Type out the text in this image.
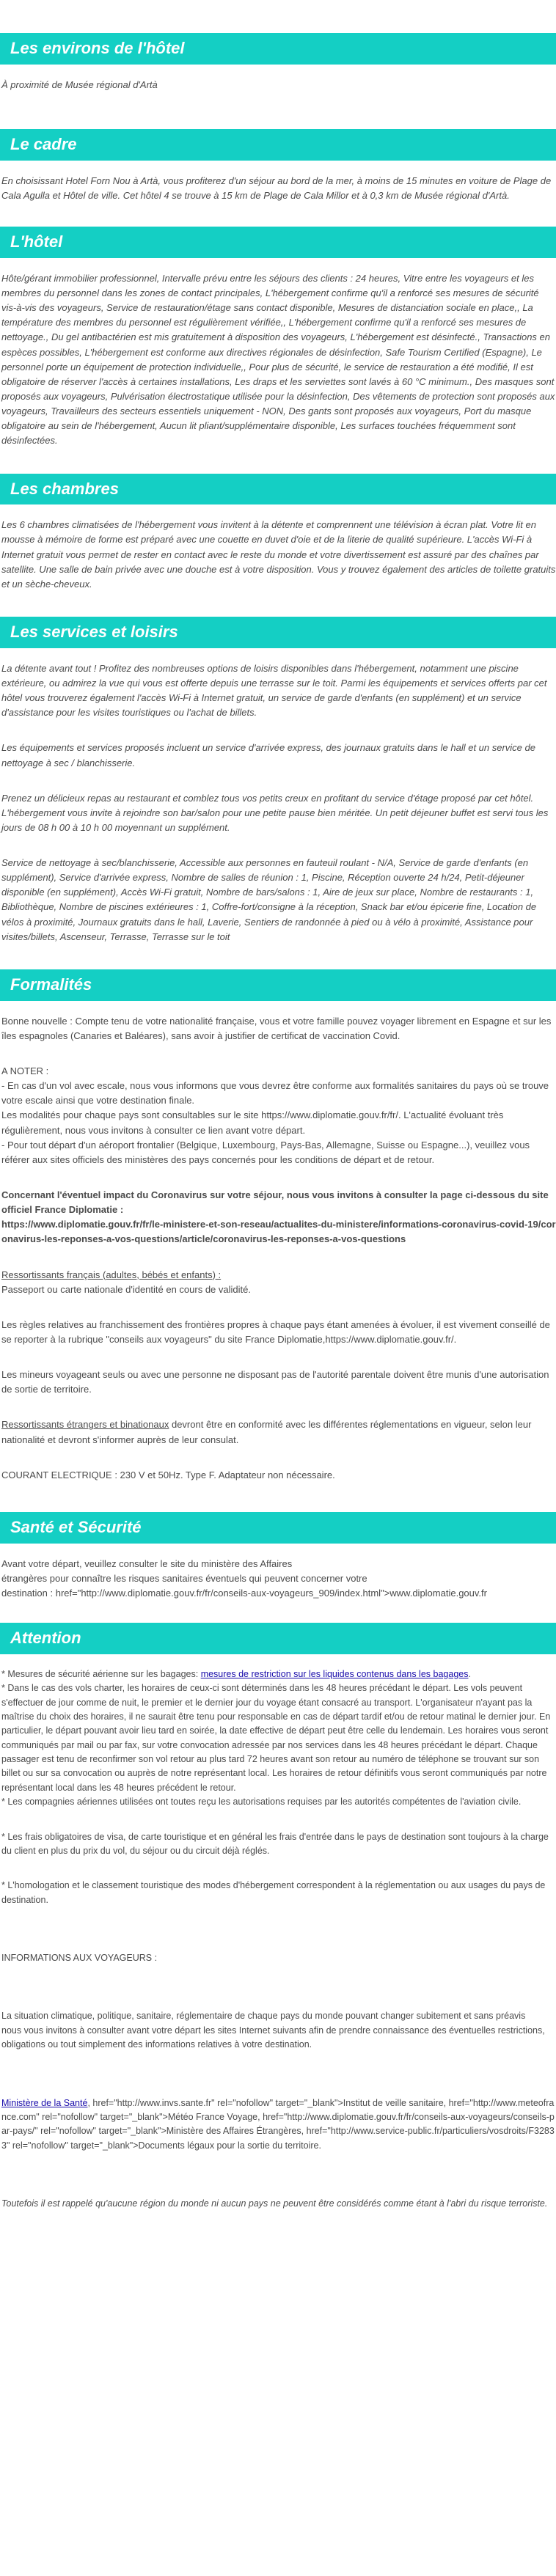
Les environs de l'hôtel

À proximité de Musée régional d'Artà

Le cadre

En choisissant Hotel Forn Nou à Artà, vous profiterez d'un séjour au bord de la mer, à moins de 15 minutes en voiture de Plage de Cala Agulla et Hôtel de ville. Cet hôtel 4 se trouve à 15 km de Plage de Cala Millor et à 0,3 km de Musée régional d'Artà.

L'hôtel

Hôte/gérant immobilier professionnel, Intervalle prévu entre les séjours des clients : 24 heures, Vitre entre les voyageurs et les membres du personnel dans les zones de contact principales, L'hébergement confirme qu'il a renforcé ses mesures de sécurité vis-à-vis des voyageurs, Service de restauration/étage sans contact disponible, Mesures de distanciation sociale en place,, La température des membres du personnel est régulièrement vérifiée,, L'hébergement confirme qu'il a renforcé ses mesures de nettoyage., Du gel antibactérien est mis gratuitement à disposition des voyageurs, L'hébergement est désinfecté., Transactions en espèces possibles, L'hébergement est conforme aux directives régionales de désinfection, Safe Tourism Certified (Espagne), Le personnel porte un équipement de protection individuelle,, Pour plus de sécurité, le service de restauration a été modifié, Il est obligatoire de réserver l'accès à certaines installations, Les draps et les serviettes sont lavés à 60 °C minimum., Des masques sont proposés aux voyageurs, Pulvérisation électrostatique utilisée pour la désinfection, Des vêtements de protection sont proposés aux voyageurs, Travailleurs des secteurs essentiels uniquement - NON, Des gants sont proposés aux voyageurs, Port du masque obligatoire au sein de l'hébergement, Aucun lit pliant/supplémentaire disponible, Les surfaces touchées fréquemment sont désinfectées.

Les chambres

Les 6 chambres climatisées de l'hébergement vous invitent à la détente et comprennent une télévision à écran plat. Votre lit en mousse à mémoire de forme est préparé avec une couette en duvet d'oie et de la literie de qualité supérieure. L'accès Wi-Fi à Internet gratuit vous permet de rester en contact avec le reste du monde et votre divertissement est assuré par des chaînes par satellite. Une salle de bain privée avec une douche est à votre disposition. Vous y trouvez également des articles de toilette gratuits et un sèche-cheveux.

Les services et loisirs

La détente avant tout ! Profitez des nombreuses options de loisirs disponibles dans l'hébergement, notamment une piscine extérieure, ou admirez la vue qui vous est offerte depuis une terrasse sur le toit. Parmi les équipements et services offerts par cet hôtel vous trouverez également l'accès Wi-Fi à Internet gratuit, un service de garde d'enfants (en supplément) et un service d'assistance pour les visites touristiques ou l'achat de billets.

Les équipements et services proposés incluent un service d'arrivée express, des journaux gratuits dans le hall et un service de nettoyage à sec / blanchisserie.

Prenez un délicieux repas au restaurant et comblez tous vos petits creux en profitant du service d'étage proposé par cet hôtel. L'hébergement vous invite à rejoindre son bar/salon pour une petite pause bien méritée. Un petit déjeuner buffet est servi tous les jours de 08 h 00 à 10 h 00 moyennant un supplément.

Service de nettoyage à sec/blanchisserie, Accessible aux personnes en fauteuil roulant - N/A, Service de garde d'enfants (en supplément), Service d'arrivée express, Nombre de salles de réunion : 1, Piscine, Réception ouverte 24 h/24, Petit-déjeuner disponible (en supplément), Accès Wi-Fi gratuit, Nombre de bars/salons : 1, Aire de jeux sur place, Nombre de restaurants : 1, Bibliothèque, Nombre de piscines extérieures : 1, Coffre-fort/consigne à la réception, Snack bar et/ou épicerie fine, Location de vélos à proximité, Journaux gratuits dans le hall, Laverie, Sentiers de randonnée à pied ou à vélo à proximité, Assistance pour visites/billets, Ascenseur, Terrasse, Terrasse sur le toit

Formalités

Bonne nouvelle : Compte tenu de votre nationalité française, vous et votre famille pouvez voyager librement en Espagne et sur les îles espagnoles (Canaries et Baléares), sans avoir à justifier de certificat de vaccination Covid.

A NOTER :
- En cas d'un vol avec escale, nous vous informons que vous devrez être conforme aux formalités sanitaires du pays où se trouve votre escale ainsi que votre destination finale.
Les modalités pour chaque pays sont consultables sur le site https://www.diplomatie.gouv.fr/fr/. L'actualité évoluant très régulièrement, nous vous invitons à consulter ce lien avant votre départ.
- Pour tout départ d'un aéroport frontalier (Belgique, Luxembourg, Pays-Bas, Allemagne, Suisse ou Espagne...), veuillez vous référer aux sites officiels des ministères des pays concernés pour les conditions de départ et de retour.
Concernant l'éventuel impact du Coronavirus sur votre séjour, nous vous invitons à consulter la page ci-dessous du site officiel France Diplomatie :
https://www.diplomatie.gouv.fr/fr/le-ministere-et-son-reseau/actualites-du-ministere/informations-coronavirus-covid-19/coronavirus-les-reponses-a-vos-questions/article/coronavirus-les-reponses-a-vos-questions
Ressortissants français (adultes, bébés et enfants) :
Passeport ou carte nationale d'identité en cours de validité.

Les règles relatives au franchissement des frontières propres à chaque pays étant amenées à évoluer, il est vivement conseillé de se reporter à la rubrique "conseils aux voyageurs" du site France Diplomatie,https://www.diplomatie.gouv.fr/.

Les mineurs voyageant seuls ou avec une personne ne disposant pas de l'autorité parentale doivent être munis d'une autorisation de sortie de territoire.

Ressortissants étrangers et binationaux devront être en conformité avec les différentes réglementations en vigueur, selon leur nationalité et devront s'informer auprès de leur consulat.

COURANT ELECTRIQUE : 230 V et 50Hz. Type F. Adaptateur non nécessaire.

Santé et Sécurité
Avant votre départ, veuillez consulter le site du ministère des Affaires
étrangères pour connaître les risques sanitaires éventuels qui peuvent concerner votre
destination : href="http://www.diplomatie.gouv.fr/fr/conseils-aux-voyageurs_909/index.html">www.diplomatie.gouv.fr
Attention

* Mesures de sécurité aérienne sur les bagages: mesures de restriction sur les liquides contenus dans les bagages.

* Dans le cas des vols charter, les horaires de ceux-ci sont déterminés dans les 48 heures précédant le départ. Les vols peuvent s'effectuer de jour comme de nuit, le premier et le dernier jour du voyage étant consacré au transport. L'organisateur n'ayant pas la maîtrise du choix des horaires, il ne saurait être tenu pour responsable en cas de départ tardif et/ou de retour matinal le dernier jour. En particulier, le départ pouvant avoir lieu tard en soirée, la date effective de départ peut être celle du lendemain. Les horaires vous seront communiqués par mail ou par fax, sur votre convocation adressée par nos services dans les 48 heures précédant le départ. Chaque passager est tenu de reconfirmer son vol retour au plus tard 72 heures avant son retour au numéro de téléphone se trouvant sur son billet ou sur sa convocation ou auprès de notre représentant local. Les horaires de retour définitifs vous seront communiqués par notre représentant local dans les 48 heures précédent le retour.

* Les compagnies aériennes utilisées ont toutes reçu les autorisations requises par les autorités compétentes de l'aviation civile.

* Les frais obligatoires de visa, de carte touristique et en général les frais d'entrée dans le pays de destination sont toujours à la charge du client en plus du prix du vol, du séjour ou du circuit déjà réglés.

* L'homologation et le classement touristique des modes d'hébergement correspondent à la réglementation ou aux usages du pays de destination.

INFORMATIONS AUX VOYAGEURS :

La situation climatique, politique, sanitaire, réglementaire de chaque pays du monde pouvant changer subitement et sans préavis
nous vous invitons à consulter avant votre départ les sites Internet suivants afin de prendre connaissance des éventuelles restrictions, obligations ou tout simplement des informations relatives à votre destination.

Ministère de la Santé, href="http://www.invs.sante.fr" rel="nofollow" target="_blank">Institut de veille sanitaire, href="http://www.meteofrance.com" rel="nofollow" target="_blank">Météo France Voyage, href="http://www.diplomatie.gouv.fr/fr/conseils-aux-voyageurs/conseils-par-pays/" rel="nofollow" target="_blank">Ministère des Affaires Étrangères, href="http://www.service-public.fr/particuliers/vosdroits/F32833" rel="nofollow" target="_blank">Documents légaux pour la sortie du territoire.

Toutefois il est rappelé qu'aucune région du monde ni aucun pays ne peuvent être considérés comme étant à l'abri du risque terroriste.
